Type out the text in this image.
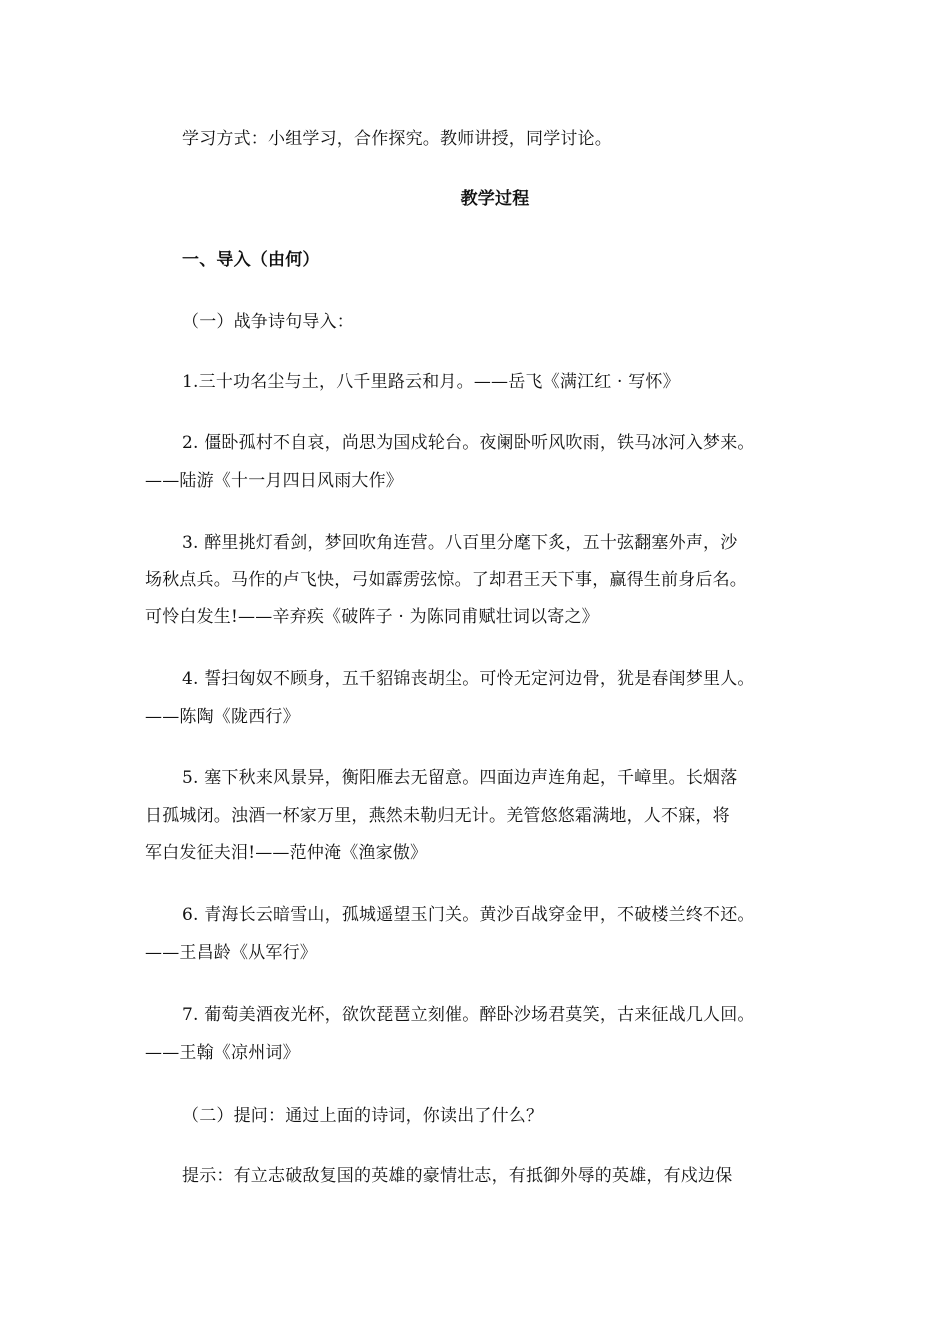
学习方式：小组学习，合作探究。教师讲授，同学讨论。
教学过程
一、导入（由何）
（一）战争诗句导入：
1.三十功名尘与土，八千里路云和月。——岳飞《满江红 · 写怀》
2. 僵卧孤村不自哀，尚思为国戍轮台。夜阑卧听风吹雨，铁马冰河入梦来。
——陆游《十一月四日风雨大作》
3. 醉里挑灯看剑，梦回吹角连营。八百里分麾下炙，五十弦翻塞外声，沙
场秋点兵。马作的卢飞快，弓如霹雳弦惊。了却君王天下事，赢得生前身后名。
可怜白发生!——辛弃疾《破阵子 · 为陈同甫赋壮词以寄之》
4. 誓扫匈奴不顾身，五千貂锦丧胡尘。可怜无定河边骨，犹是春闺梦里人。
——陈陶《陇西行》
5. 塞下秋来风景异，衡阳雁去无留意。四面边声连角起，千嶂里。长烟落
日孤城闭。浊酒一杯家万里，燕然未勒归无计。羌管悠悠霜满地，人不寐，将
军白发征夫泪!——范仲淹《渔家傲》
6. 青海长云暗雪山，孤城遥望玉门关。黄沙百战穿金甲，不破楼兰终不还。
——王昌龄《从军行》
7. 葡萄美酒夜光杯，欲饮琵琶立刻催。醉卧沙场君莫笑，古来征战几人回。
——王翰《凉州词》
（二）提问：通过上面的诗词，你读出了什么？
提示：有立志破敌复国的英雄的豪情壮志，有抵御外辱的英雄，有戍边保
